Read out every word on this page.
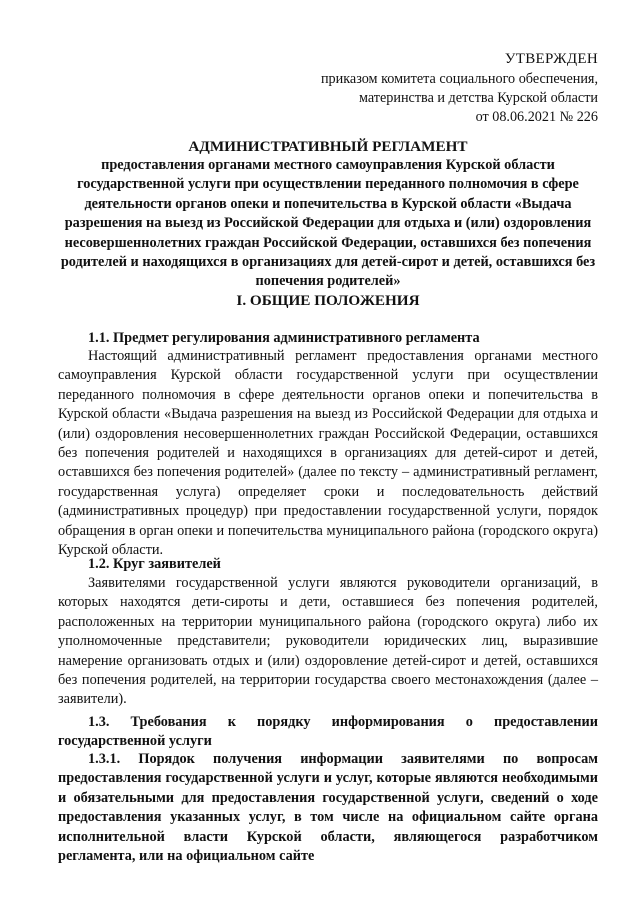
УТВЕРЖДЕН
приказом комитета социального обеспечения,
материнства и детства Курской области
от 08.06.2021 № 226
АДМИНИСТРАТИВНЫЙ РЕГЛАМЕНТ
предоставления органами местного самоуправления Курской области государственной услуги при осуществлении переданного полномочия в сфере деятельности органов опеки и попечительства в Курской области «Выдача разрешения на выезд из Российской Федерации для отдыха и (или) оздоровления несовершеннолетних граждан Российской Федерации, оставшихся без попечения родителей и находящихся в организациях для детей-сирот и детей, оставшихся без попечения родителей»
I. ОБЩИЕ ПОЛОЖЕНИЯ
1.1. Предмет регулирования административного регламента

Настоящий административный регламент предоставления органами местного самоуправления Курской области государственной услуги при осуществлении переданного полномочия в сфере деятельности органов опеки и попечительства в Курской области «Выдача разрешения на выезд из Российской Федерации для отдыха и (или) оздоровления несовершеннолетних граждан Российской Федерации, оставшихся без попечения родителей и находящихся в организациях для детей-сирот и детей, оставшихся без попечения родителей» (далее по тексту – административный регламент, государственная услуга) определяет сроки и последовательность действий (административных процедур) при предоставлении государственной услуги, порядок обращения в орган опеки и попечительства муниципального района (городского округа) Курской области.

1.2. Круг заявителей

Заявителями государственной услуги являются руководители организаций, в которых находятся дети-сироты и дети, оставшиеся без попечения родителей, расположенных на территории муниципального района (городского округа) либо их уполномоченные представители; руководители юридических лиц, выразившие намерение организовать отдых и (или) оздоровление детей-сирот и детей, оставшихся без попечения родителей, на территории государства своего местонахождения (далее – заявители).

1.3. Требования к порядку информирования о предоставлении государственной услуги

1.3.1. Порядок получения информации заявителями по вопросам предоставления государственной услуги и услуг, которые являются необходимыми и обязательными для предоставления государственной услуги, сведений о ходе предоставления указанных услуг, в том числе на официальном сайте органа исполнительной власти Курской области, являющегося разработчиком регламента, или на официальном сайте
